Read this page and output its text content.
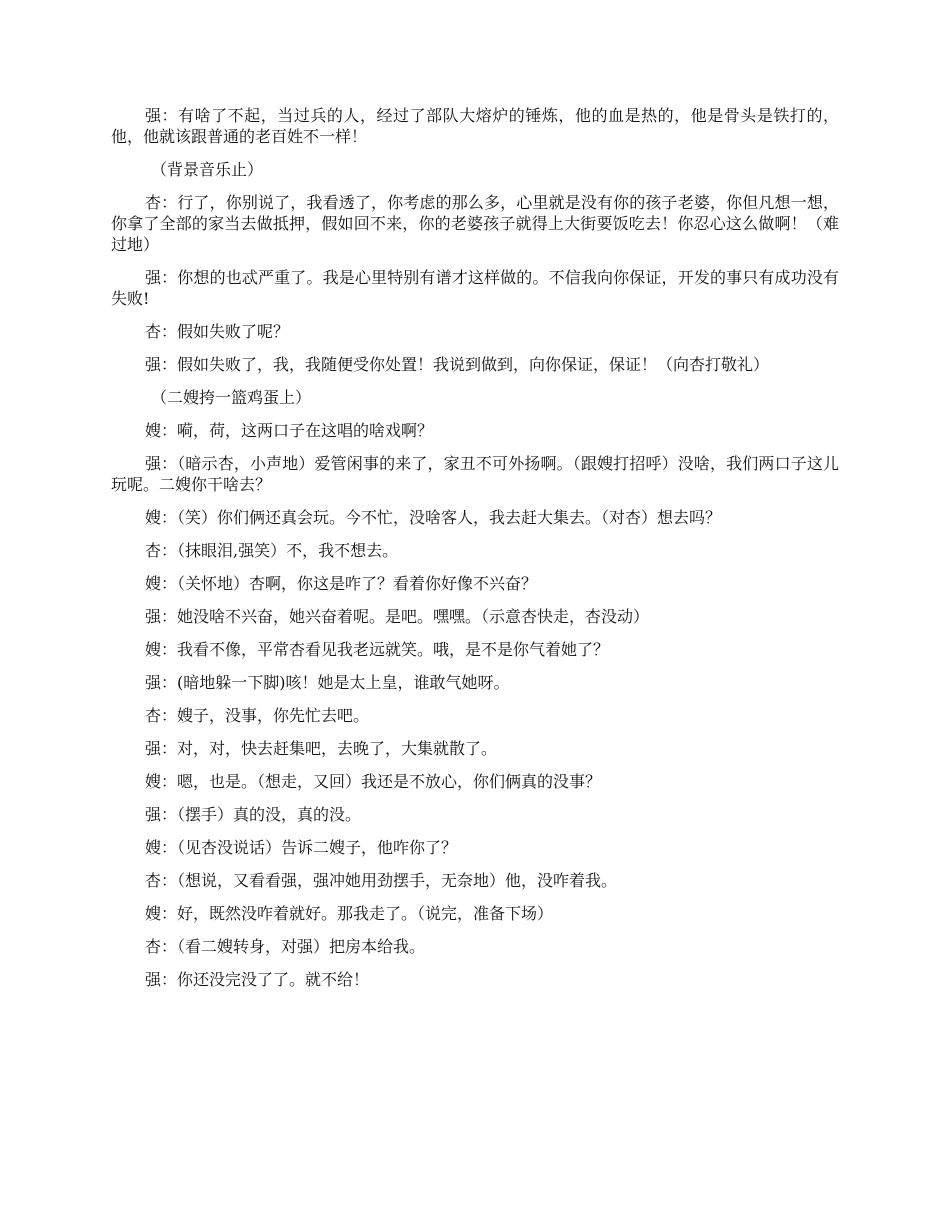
强：有啥了不起，当过兵的人，经过了部队大熔炉的锤炼，他的血是热的，他是骨头是铁打的，他，他就该跟普通的老百姓不一样！

（背景音乐止）

杏：行了，你别说了，我看透了，你考虑的那么多，心里就是没有你的孩子老婆，你但凡想一想，你拿了全部的家当去做抵押，假如回不来，你的老婆孩子就得上大街要饭吃去！你忍心这么做啊！（难过地）

强：你想的也忒严重了。我是心里特别有谱才这样做的。不信我向你保证，开发的事只有成功没有失败!

杏：假如失败了呢？

强：假如失败了，我，我随便受你处置！我说到做到，向你保证，保证！（向杏打敬礼）

（二嫂挎一篮鸡蛋上）

嫂：嗬，荷，这两口子在这唱的啥戏啊？

强：（暗示杏，小声地）爱管闲事的来了，家丑不可外扬啊。（跟嫂打招呼）没啥，我们两口子这儿玩呢。二嫂你干啥去？

嫂：（笑）你们俩还真会玩。今不忙，没啥客人，我去赶大集去。（对杏）想去吗？

杏：（抹眼泪,强笑）不，我不想去。

嫂：（关怀地）杏啊，你这是咋了？看着你好像不兴奋？

强：她没啥不兴奋，她兴奋着呢。是吧。嘿嘿。（示意杏快走，杏没动）

嫂：我看不像，平常杏看见我老远就笑。哦，是不是你气着她了？

强：(暗地躲一下脚)咳！她是太上皇，谁敢气她呀。

杏：嫂子，没事，你先忙去吧。

强：对，对，快去赶集吧，去晚了，大集就散了。

嫂：嗯，也是。（想走，又回）我还是不放心，你们俩真的没事？

强：（摆手）真的没，真的没。

嫂：（见杏没说话）告诉二嫂子，他咋你了？

杏：（想说，又看看强，强冲她用劲摆手，无奈地）他，没咋着我。

嫂：好，既然没咋着就好。那我走了。（说完，准备下场）

杏：（看二嫂转身，对强）把房本给我。

强：你还没完没了了。就不给！
